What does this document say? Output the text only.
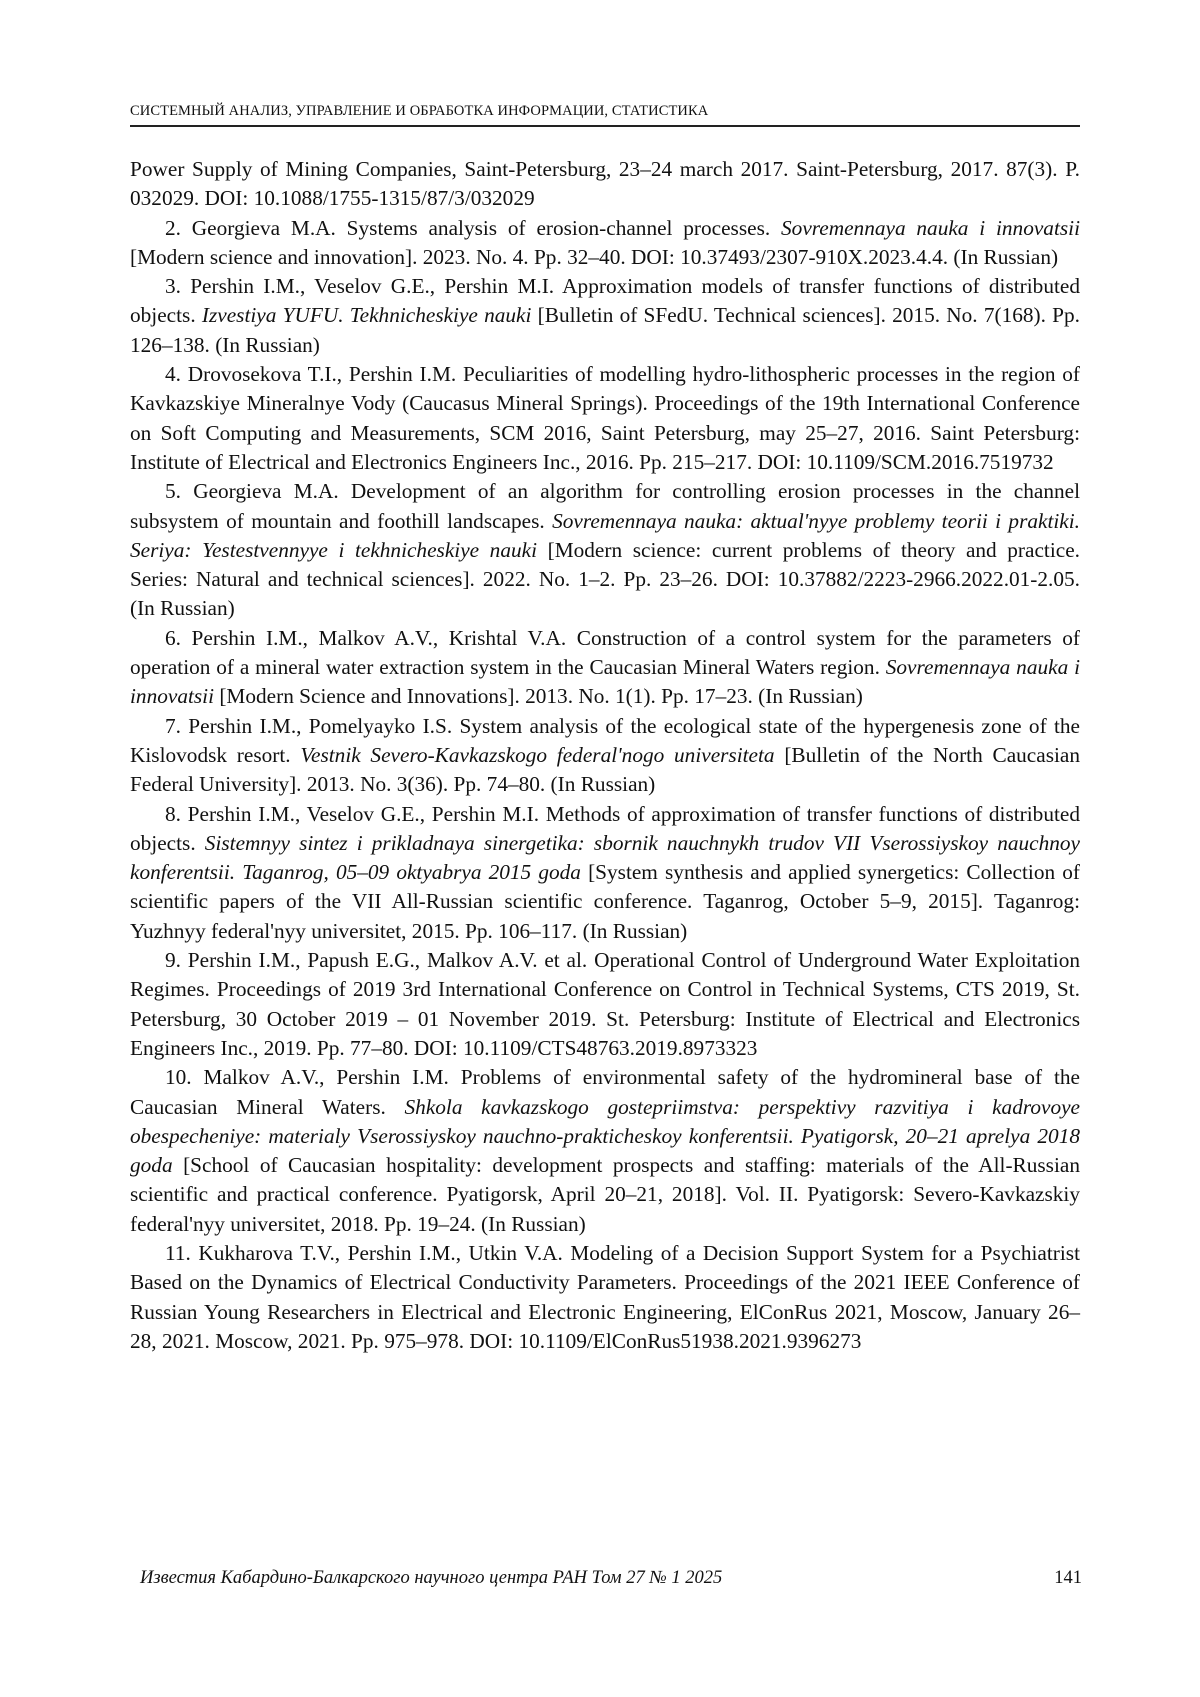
СИСТЕМНЫЙ АНАЛИЗ, УПРАВЛЕНИЕ И ОБРАБОТКА ИНФОРМАЦИИ, СТАТИСТИКА

Power Supply of Mining Companies, Saint-Petersburg, 23–24 march 2017. Saint-Petersburg, 2017. 87(3). P. 032029. DOI: 10.1088/1755-1315/87/3/032029

2. Georgieva M.A. Systems analysis of erosion-channel processes. Sovremennaya nauka i innovatsii [Modern science and innovation]. 2023. No. 4. Pp. 32–40. DOI: 10.37493/2307-910X.2023.4.4. (In Russian)

3. Pershin I.M., Veselov G.E., Pershin M.I. Approximation models of transfer functions of distributed objects. Izvestiya YUFU. Tekhnicheskiye nauki [Bulletin of SFedU. Technical sciences]. 2015. No. 7(168). Pp. 126–138. (In Russian)

4. Drovosekova T.I., Pershin I.M. Peculiarities of modelling hydro-lithospheric processes in the region of Kavkazskiye Mineralnye Vody (Caucasus Mineral Springs). Proceedings of the 19th International Conference on Soft Computing and Measurements, SCM 2016, Saint Petersburg, may 25–27, 2016. Saint Petersburg: Institute of Electrical and Electronics Engineers Inc., 2016. Pp. 215–217. DOI: 10.1109/SCM.2016.7519732

5. Georgieva M.A. Development of an algorithm for controlling erosion processes in the channel subsystem of mountain and foothill landscapes. Sovremennaya nauka: aktual'nyye problemy teorii i praktiki. Seriya: Yestestvennyye i tekhnicheskiye nauki [Modern science: current problems of theory and practice. Series: Natural and technical sciences]. 2022. No. 1–2. Pp. 23–26. DOI: 10.37882/2223-2966.2022.01-2.05. (In Russian)

6. Pershin I.M., Malkov A.V., Krishtal V.A. Construction of a control system for the parameters of operation of a mineral water extraction system in the Caucasian Mineral Waters region. Sovremennaya nauka i innovatsii [Modern Science and Innovations]. 2013. No. 1(1). Pp. 17–23. (In Russian)

7. Pershin I.M., Pomelyayko I.S. System analysis of the ecological state of the hypergenesis zone of the Kislovodsk resort. Vestnik Severo-Kavkazskogo federal'nogo universiteta [Bulletin of the North Caucasian Federal University]. 2013. No. 3(36). Pp. 74–80. (In Russian)

8. Pershin I.M., Veselov G.E., Pershin M.I. Methods of approximation of transfer functions of distributed objects. Sistemnyy sintez i prikladnaya sinergetika: sbornik nauchnykh trudov VII Vserossiyskoy nauchnoy konferentsii. Taganrog, 05–09 oktyabrya 2015 goda [System synthesis and applied synergetics: Collection of scientific papers of the VII All-Russian scientific conference. Taganrog, October 5–9, 2015]. Taganrog: Yuzhnyy federal'nyy universitet, 2015. Pp. 106–117. (In Russian)

9. Pershin I.M., Papush E.G., Malkov A.V. et al. Operational Control of Underground Water Exploitation Regimes. Proceedings of 2019 3rd International Conference on Control in Technical Systems, CTS 2019, St. Petersburg, 30 October 2019 – 01 November 2019. St. Petersburg: Institute of Electrical and Electronics Engineers Inc., 2019. Pp. 77–80. DOI: 10.1109/CTS48763.2019.8973323

10. Malkov A.V., Pershin I.M. Problems of environmental safety of the hydromineral base of the Caucasian Mineral Waters. Shkola kavkazskogo gostepriimstva: perspektivy razvitiya i kadrovoye obespecheniye: materialy Vserossiyskoy nauchno-prakticheskoy konferentsii. Pyatigorsk, 20–21 aprelya 2018 goda [School of Caucasian hospitality: development prospects and staffing: materials of the All-Russian scientific and practical conference. Pyatigorsk, April 20–21, 2018]. Vol. II. Pyatigorsk: Severo-Kavkazskiy federal'nyy universitet, 2018. Pp. 19–24. (In Russian)

11. Kukharova T.V., Pershin I.M., Utkin V.A. Modeling of a Decision Support System for a Psychiatrist Based on the Dynamics of Electrical Conductivity Parameters. Proceedings of the 2021 IEEE Conference of Russian Young Researchers in Electrical and Electronic Engineering, ElConRus 2021, Moscow, January 26–28, 2021. Moscow, 2021. Pp. 975–978. DOI: 10.1109/ElConRus51938.2021.9396273

Известия Кабардино-Балкарского научного центра РАН Том 27 № 1 2025	141
